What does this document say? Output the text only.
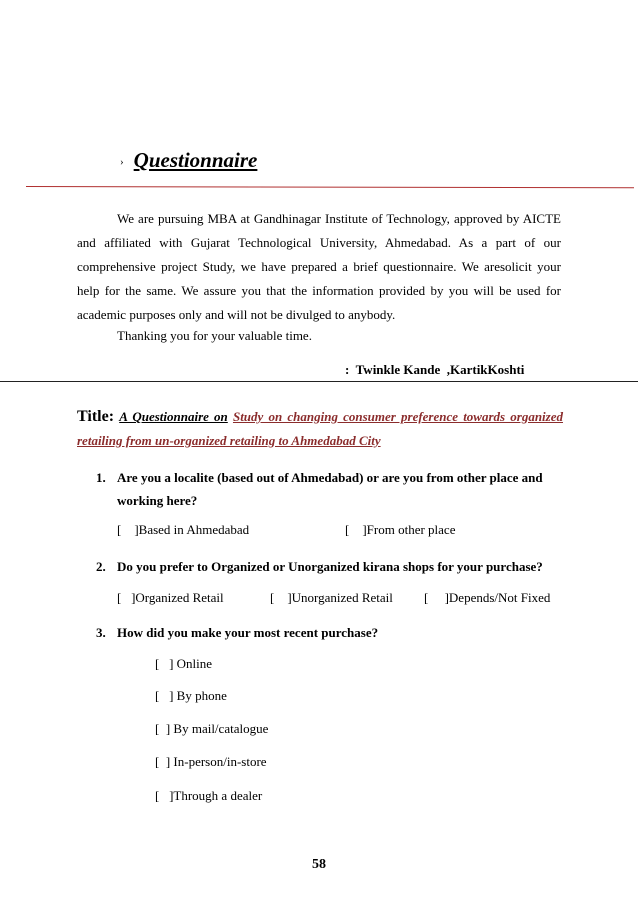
› Questionnaire
We are pursuing MBA at Gandhinagar Institute of Technology, approved by AICTE and affiliated with Gujarat Technological University, Ahmedabad. As a part of our comprehensive project Study, we have prepared a brief questionnaire. We aresolicit your help for the same. We assure you that the information provided by you will be used for academic purposes only and will not be divulged to anybody.
Thanking you for your valuable time.
:  Twinkle Kande  ,KartikKoshti
Title: A Questionnaire on Study on changing consumer preference towards organized retailing from un-organized retailing to Ahmedabad City
1. Are you a localite (based out of Ahmedabad) or are you from other place and working here?
[    ]Based in Ahmedabad	[    ]From other place
2. Do you prefer to Organized or Unorganized kirana shops for your purchase?
[   ]Organized Retail	[    ]Unorganized Retail [     ]Depends/Not Fixed
3. How did you make your most recent purchase?
[   ] Online
[   ] By phone
[  ] By mail/catalogue
[  ] In-person/in-store
[   ]Through a dealer
58
